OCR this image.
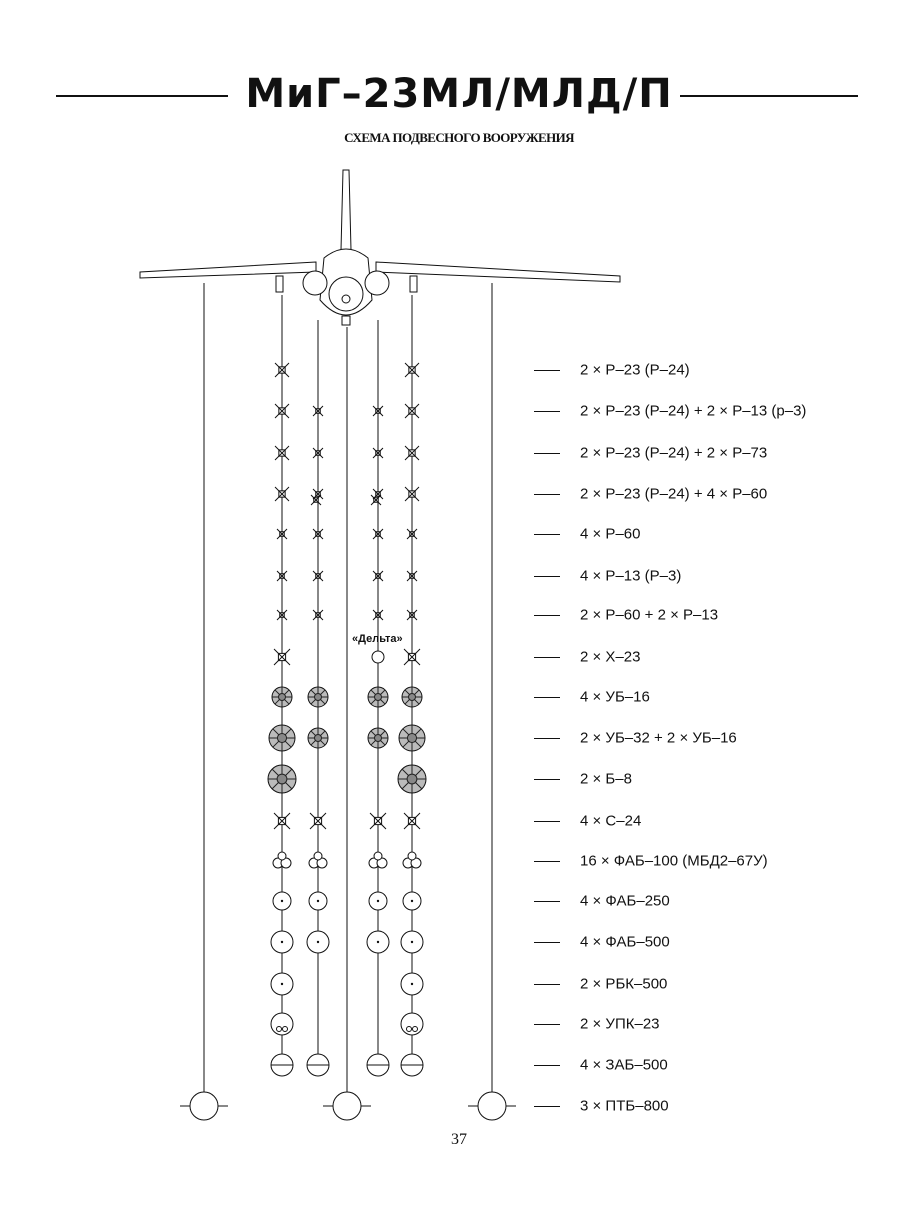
МиГ–23МЛ/МЛД/П
СХЕМА ПОДВЕСНОГО ВООРУЖЕНИЯ
2 × Р–23 (Р–24)
2 × Р–23 (Р–24) + 2 × Р–13 (р–3)
2 × Р–23 (Р–24) + 2 × Р–73
2 × Р–23 (Р–24) + 4 × Р–60
4 × Р–60
4 × Р–13 (Р–3)
2 × Р–60 + 2 × Р–13
2 × Х–23
4 × УБ–16
2 × УБ–32 + 2 × УБ–16
2 × Б–8
4 × С–24
16 × ФАБ–100 (МБД2–67У)
4 × ФАБ–250
4 × ФАБ–500
2 × РБК–500
2 × УПК–23
4 × ЗАБ–500
3 × ПТБ–800
«Дельта»
37
